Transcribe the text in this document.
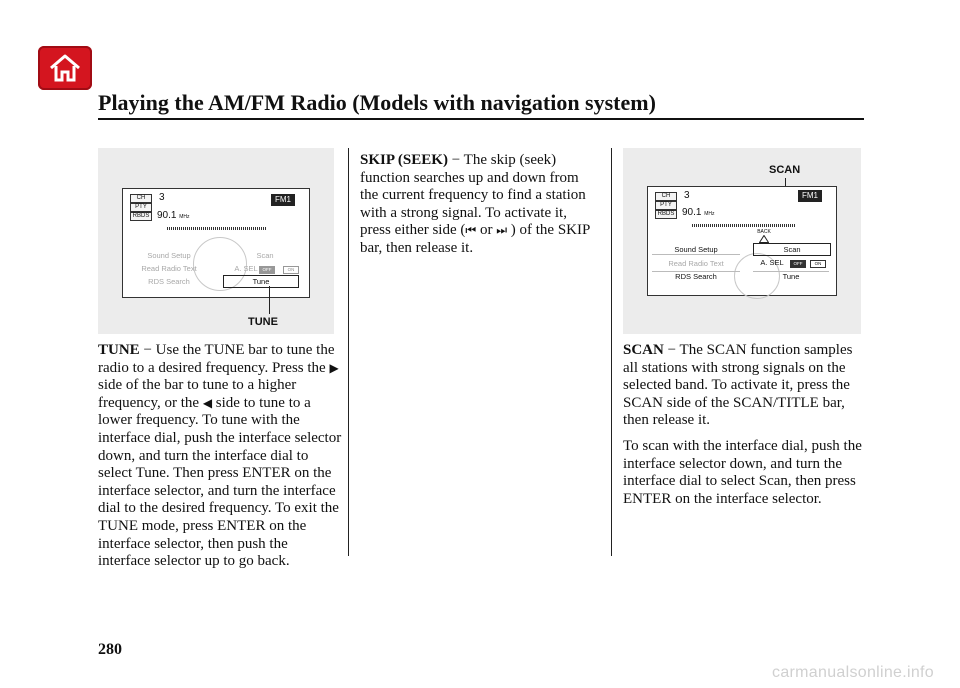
Playing the AM/FM Radio (Models with navigation system)
CH
PTY
RBDS
3
90.1 MHz
FM1
Sound Setup
Read Radio Text
RDS Search
Scan
A. SEL	OFF	ON
Tune
TUNE

TUNE − Use the TUNE bar to tune the radio to a desired frequency. Press the ▶ side of the bar to tune to a higher frequency, or the ◀ side to tune to a lower frequency. To tune with the interface dial, push the interface selector down, and turn the interface dial to select Tune. Then press ENTER on the interface selector, and turn the interface dial to the desired frequency. To exit the TUNE mode, press ENTER on the interface selector, then push the interface selector up to go back.

SKIP (SEEK) − The skip (seek) function searches up and down from the current frequency to find a station with a strong signal. To activate it, press either side (⏮ or ⏭ ) of the SKIP bar, then release it.

SCAN
CH
PTY
RBDS
3
90.1 MHz
FM1
BACK
Sound Setup
Read Radio Text
RDS Search
Scan
A. SEL	OFF	ON
Tune

SCAN − The SCAN function samples all stations with strong signals on the selected band. To activate it, press the SCAN side of the SCAN/TITLE bar, then release it.

To scan with the interface dial, push the interface selector down, and turn the interface dial to select Scan, then press ENTER on the interface selector.

280
carmanualsonline.info
